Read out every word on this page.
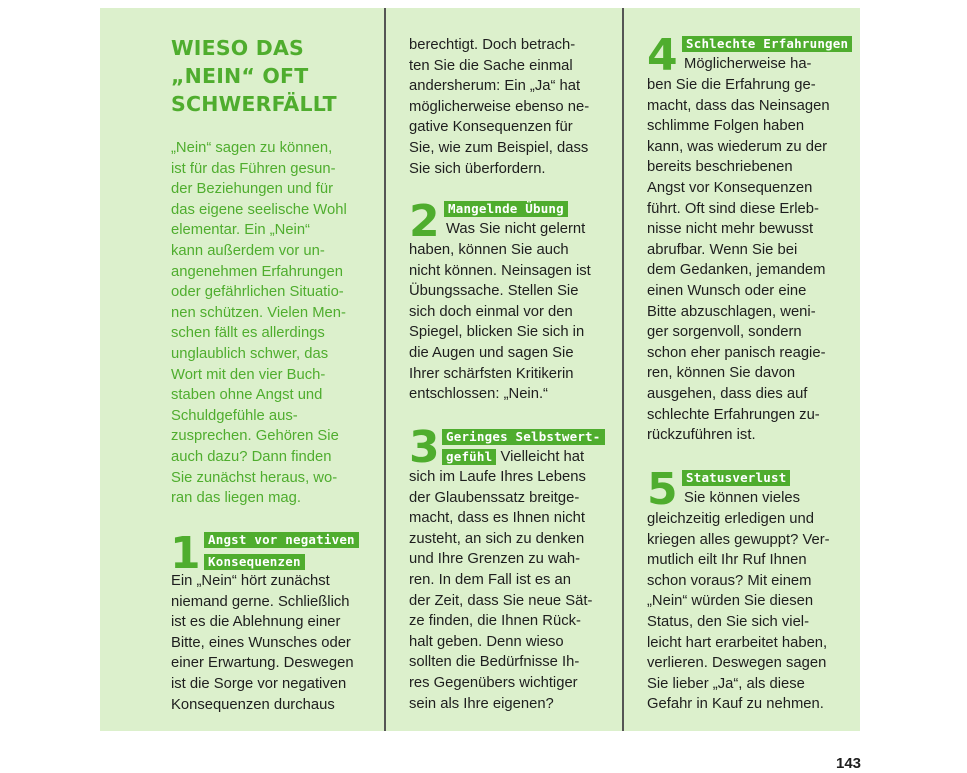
WIESO DAS
„NEIN“ OFT
SCHWERFÄLLT
„Nein“ sagen zu können,
ist für das Führen gesun-
der Beziehungen und für
das eigene seelische Wohl
elementar. Ein „Nein“
kann außerdem vor un-
angenehmen Erfahrungen
oder gefährlichen Situatio-
nen schützen. Vielen Men-
schen fällt es allerdings
unglaublich schwer, das
Wort mit den vier Buch-
staben ohne Angst und
Schuldgefühle aus-
zusprechen. Gehören Sie
auch dazu? Dann finden
Sie zunächst heraus, wo-
ran das liegen mag.
1 Angst vor negativen
Konsequenzen
Ein „Nein“ hört zunächst
niemand gerne. Schließlich
ist es die Ablehnung einer
Bitte, eines Wunsches oder
einer Erwartung. Deswegen
ist die Sorge vor negativen
Konsequenzen durchaus
berechtigt. Doch betrach-
ten Sie die Sache einmal
andersherum: Ein „Ja“ hat
möglicherweise ebenso ne-
gative Konsequenzen für
Sie, wie zum Beispiel, dass
Sie sich überfordern.
2 Mangelnde Übung
Was Sie nicht gelernt
haben, können Sie auch
nicht können. Neinsagen ist
Übungssache. Stellen Sie
sich doch einmal vor den
Spiegel, blicken Sie sich in
die Augen und sagen Sie
Ihrer schärfsten Kritikerin
entschlossen: „Nein.“
3 Geringes Selbstwert-
gefühl Vielleicht hat
sich im Laufe Ihres Lebens
der Glaubenssatz breitge-
macht, dass es Ihnen nicht
zusteht, an sich zu denken
und Ihre Grenzen zu wah-
ren. In dem Fall ist es an
der Zeit, dass Sie neue Sät-
ze finden, die Ihnen Rück-
halt geben. Denn wieso
sollten die Bedürfnisse Ih-
res Gegenübers wichtiger
sein als Ihre eigenen?
4 Schlechte Erfahrungen
Möglicherweise ha-
ben Sie die Erfahrung ge-
macht, dass das Neinsagen
schlimme Folgen haben
kann, was wiederum zu der
bereits beschriebenen
Angst vor Konsequenzen
führt. Oft sind diese Erleb-
nisse nicht mehr bewusst
abrufbar. Wenn Sie bei
dem Gedanken, jemandem
einen Wunsch oder eine
Bitte abzuschlagen, weni-
ger sorgenvoll, sondern
schon eher panisch reagie-
ren, können Sie davon
ausgehen, dass dies auf
schlechte Erfahrungen zu-
rückzuführen ist.
5 Statusverlust
Sie können vieles
gleichzeitig erledigen und
kriegen alles gewuppt? Ver-
mutlich eilt Ihr Ruf Ihnen
schon voraus? Mit einem
„Nein“ würden Sie diesen
Status, den Sie sich viel-
leicht hart erarbeitet haben,
verlieren. Deswegen sagen
Sie lieber „Ja“, als diese
Gefahr in Kauf zu nehmen.
143
